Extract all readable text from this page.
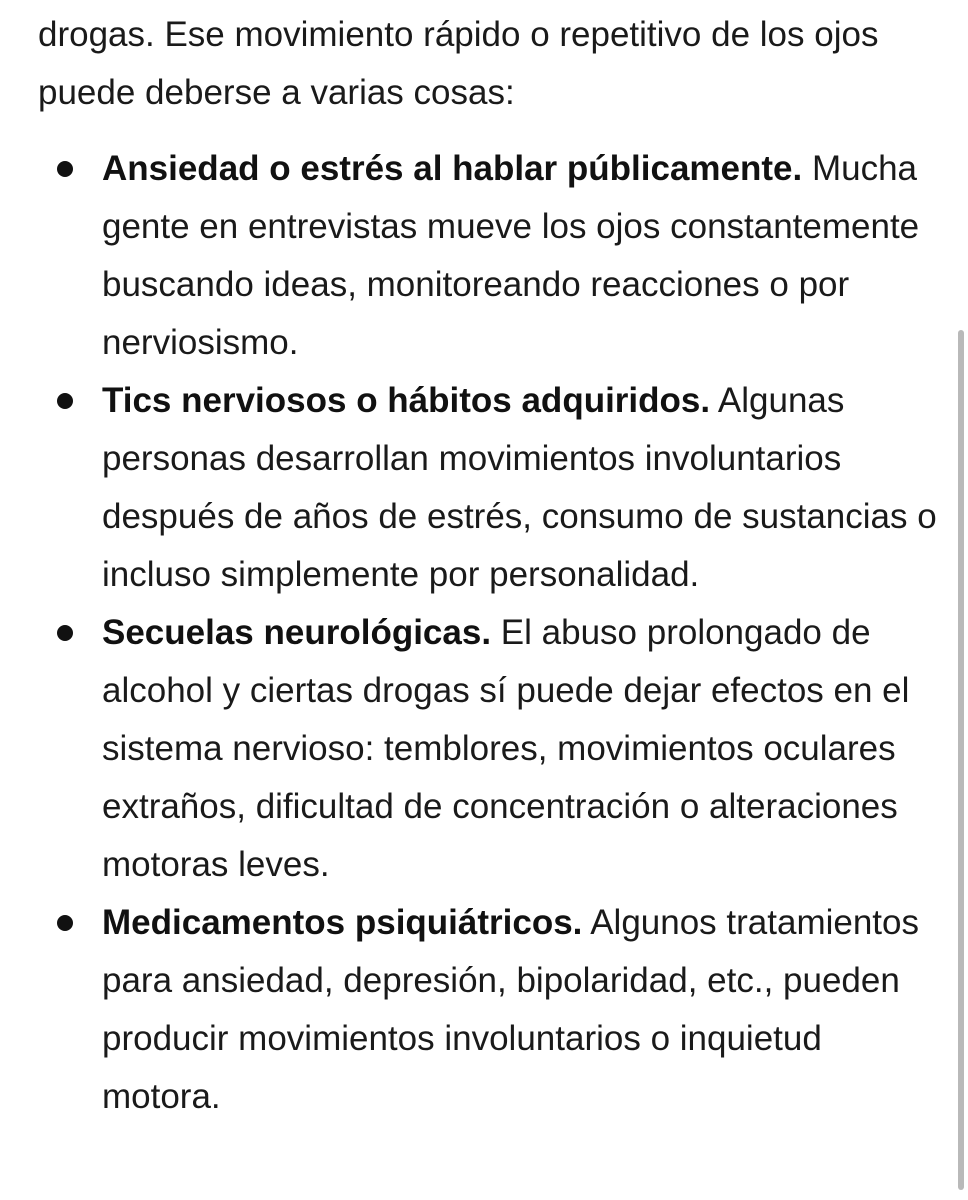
drogas. Ese movimiento rápido o repetitivo de los ojos puede deberse a varias cosas:

Ansiedad o estrés al hablar públicamente. Mucha gente en entrevistas mueve los ojos constantemente buscando ideas, monitoreando reacciones o por nerviosismo.
Tics nerviosos o hábitos adquiridos. Algunas personas desarrollan movimientos involuntarios después de años de estrés, consumo de sustancias o incluso simplemente por personalidad.
Secuelas neurológicas. El abuso prolongado de alcohol y ciertas drogas sí puede dejar efectos en el sistema nervioso: temblores, movimientos oculares extraños, dificultad de concentración o alteraciones motoras leves.
Medicamentos psiquiátricos. Algunos tratamientos para ansiedad, depresión, bipolaridad, etc., pueden producir movimientos involuntarios o inquietud motora.
